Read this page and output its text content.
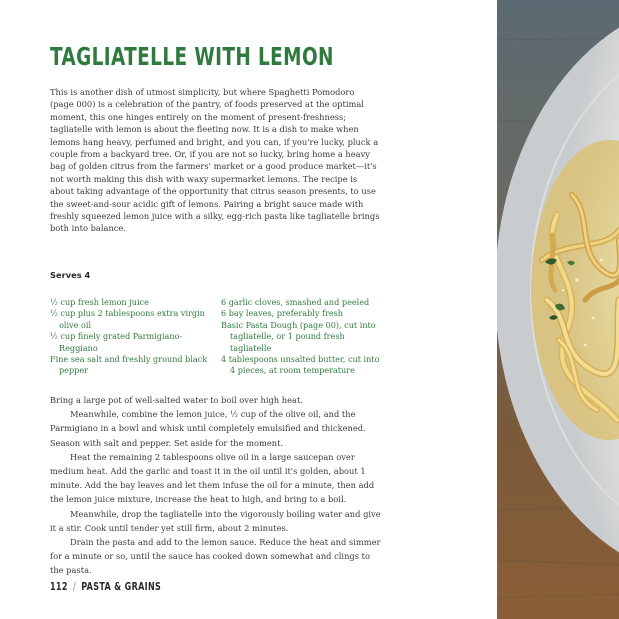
TAGLIATELLE WITH LEMON

This is another dish of utmost simplicity, but where Spaghetti Pomodoro (page 000) is a celebration of the pantry, of foods preserved at the optimal moment, this one hinges entirely on the moment of present-freshness; tagliatelle with lemon is about the fleeting now. It is a dish to make when lemons hang heavy, perfumed and bright, and you can, if you're lucky, pluck a couple from a backyard tree. Or, if you are not so lucky, bring home a heavy bag of golden citrus from the farmers' market or a good produce market—it's not worth making this dish with waxy supermarket lemons. The recipe is about taking advantage of the opportunity that citrus season presents, to use the sweet-and-sour acidic gift of lemons. Pairing a bright sauce made with freshly squeezed lemon juice with a silky, egg-rich pasta like tagliatelle brings both into balance.

Serves 4
½ cup fresh lemon juice
½ cup plus 2 tablespoons extra virgin olive oil
½ cup finely grated Parmigiano-Reggiano
Fine sea salt and freshly ground black pepper
6 garlic cloves, smashed and peeled
6 bay leaves, preferably fresh
Basic Pasta Dough (page 00), cut into tagliatelle, or 1 pound fresh tagliatelle
4 tablespoons unsalted butter, cut into 4 pieces, at room temperature

Bring a large pot of well-salted water to boil over high heat.

Meanwhile, combine the lemon juice, ½ cup of the olive oil, and the Parmigiano in a bowl and whisk until completely emulsified and thickened. Season with salt and pepper. Set aside for the moment.

Heat the remaining 2 tablespoons olive oil in a large saucepan over medium heat. Add the garlic and toast it in the oil until it's golden, about 1 minute. Add the bay leaves and let them infuse the oil for a minute, then add the lemon juice mixture, increase the heat to high, and bring to a boil.

Meanwhile, drop the tagliatelle into the vigorously boiling water and give it a stir. Cook until tender yet still firm, about 2 minutes.

Drain the pasta and add to the lemon sauce. Reduce the heat and simmer for a minute or so, until the sauce has cooked down somewhat and clings to the pasta.

112 / PASTA & GRAINS
